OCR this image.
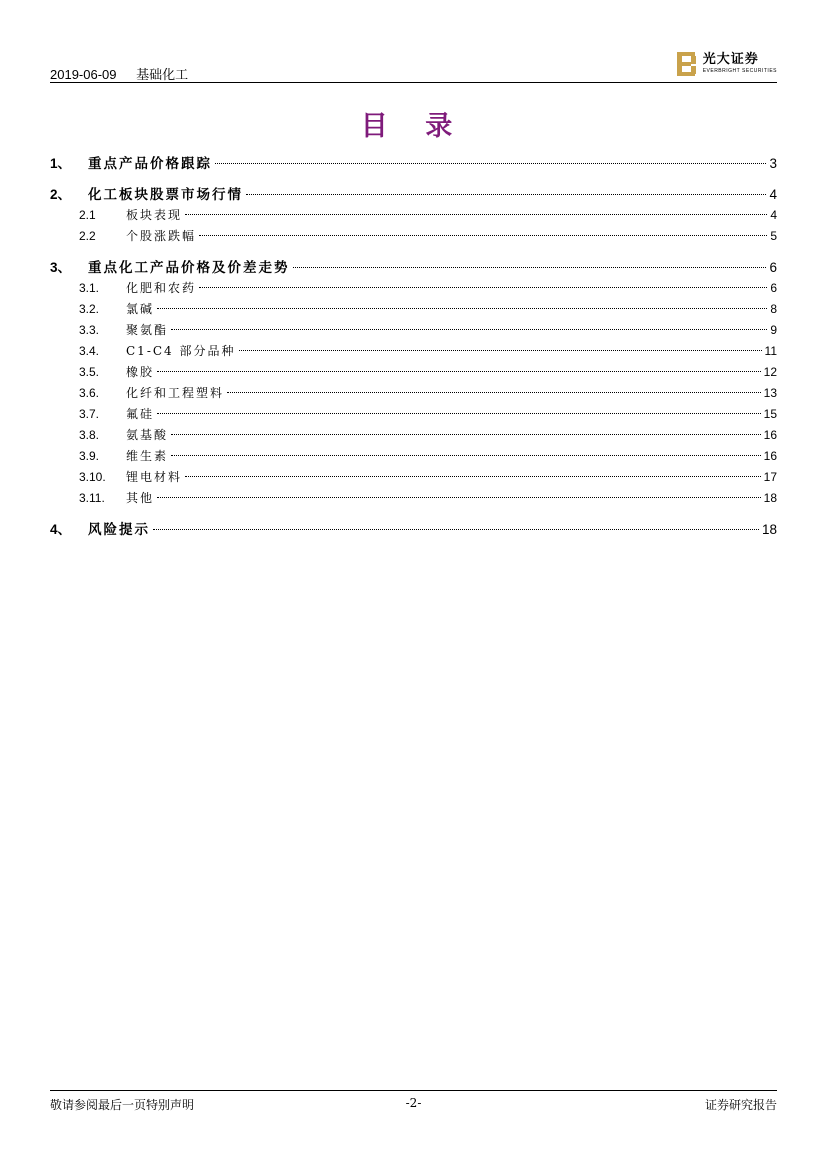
2019-06-09 基础化工
光大证券
EVERBRIGHT SECURITIES
目 录
1、	重点产品价格跟踪	3
2、	化工板块股票市场行情	4
2.1	板块表现	4
2.2	个股涨跌幅	5
3、	重点化工产品价格及价差走势	6
3.1.	化肥和农药	6
3.2.	氯碱	8
3.3.	聚氨酯	9
3.4.	C1-C4 部分品种	11
3.5.	橡胶	12
3.6.	化纤和工程塑料	13
3.7.	氟硅	15
3.8.	氨基酸	16
3.9.	维生素	16
3.10.	锂电材料	17
3.11.	其他	18
4、	风险提示	18
敬请参阅最后一页特别声明	-2-	证券研究报告
